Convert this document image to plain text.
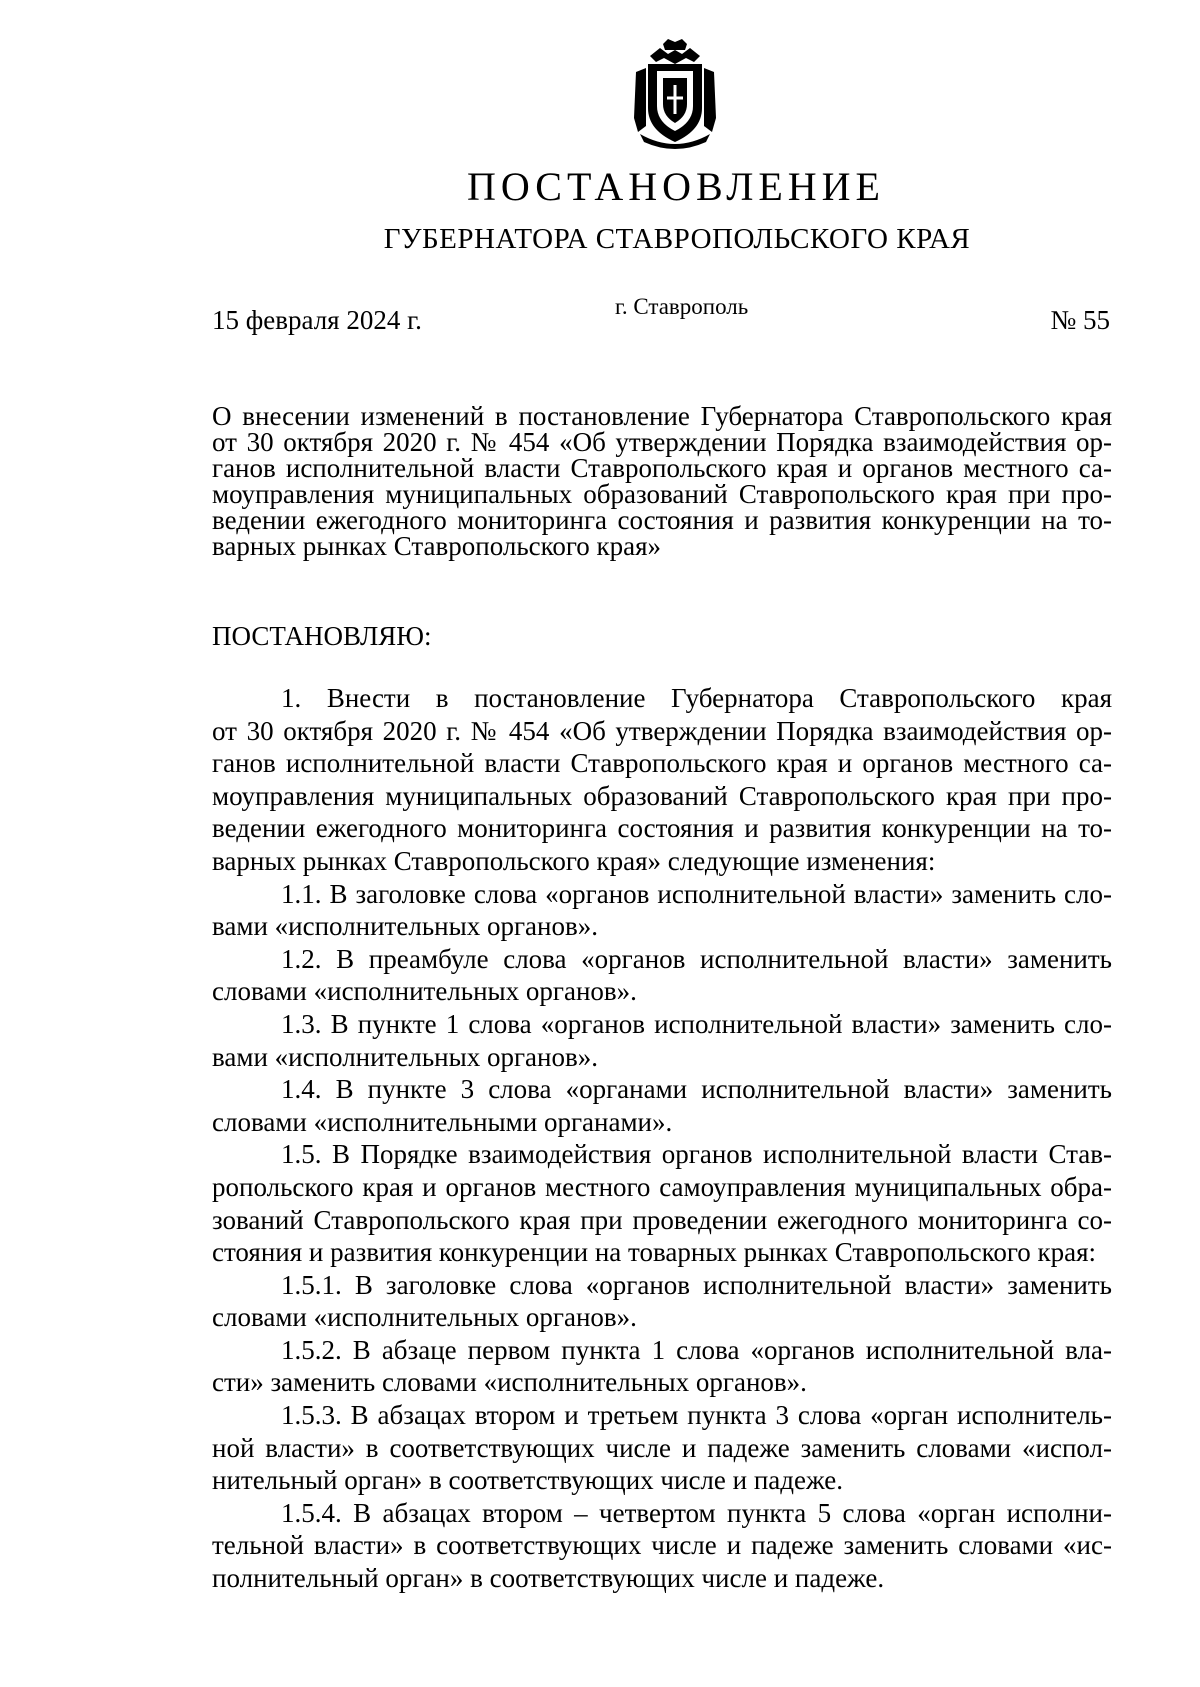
ПОСТАНОВЛЕНИЕ
ГУБЕРНАТОРА СТАВРОПОЛЬСКОГО КРАЯ
15 февраля 2024 г.	г. Ставрополь	№ 55
О внесении изменений в постановление Губернатора Ставропольского края
от 30 октября 2020 г. № 454 «Об утверждении Порядка взаимодействия ор-
ганов исполнительной власти Ставропольского края и органов местного са-
моуправления муниципальных образований Ставропольского края при про-
ведении ежегодного мониторинга состояния и развития конкуренции на то-
варных рынках Ставропольского края»
ПОСТАНОВЛЯЮ:
1. Внести в постановление Губернатора Ставропольского края
от 30 октября 2020 г. № 454 «Об утверждении Порядка взаимодействия ор-
ганов исполнительной власти Ставропольского края и органов местного са-
моуправления муниципальных образований Ставропольского края при про-
ведении ежегодного мониторинга состояния и развития конкуренции на то-
варных рынках Ставропольского края» следующие изменения:
1.1. В заголовке слова «органов исполнительной власти» заменить сло-
вами «исполнительных органов».
1.2. В преамбуле слова «органов исполнительной власти» заменить
словами «исполнительных органов».
1.3. В пункте 1 слова «органов исполнительной власти» заменить сло-
вами «исполнительных органов».
1.4. В пункте 3 слова «органами исполнительной власти» заменить
словами «исполнительными органами».
1.5. В Порядке взаимодействия органов исполнительной власти Став-
ропольского края и органов местного самоуправления муниципальных обра-
зований Ставропольского края при проведении ежегодного мониторинга со-
стояния и развития конкуренции на товарных рынках Ставропольского края:
1.5.1. В заголовке слова «органов исполнительной власти» заменить
словами «исполнительных органов».
1.5.2. В абзаце первом пункта 1 слова «органов исполнительной вла-
сти» заменить словами «исполнительных органов».
1.5.3. В абзацах втором и третьем пункта 3 слова «орган исполнитель-
ной власти» в соответствующих числе и падеже заменить словами «испол-
нительный орган» в соответствующих числе и падеже.
1.5.4. В абзацах втором – четвертом пункта 5 слова «орган исполни-
тельной власти» в соответствующих числе и падеже заменить словами «ис-
полнительный орган» в соответствующих числе и падеже.
